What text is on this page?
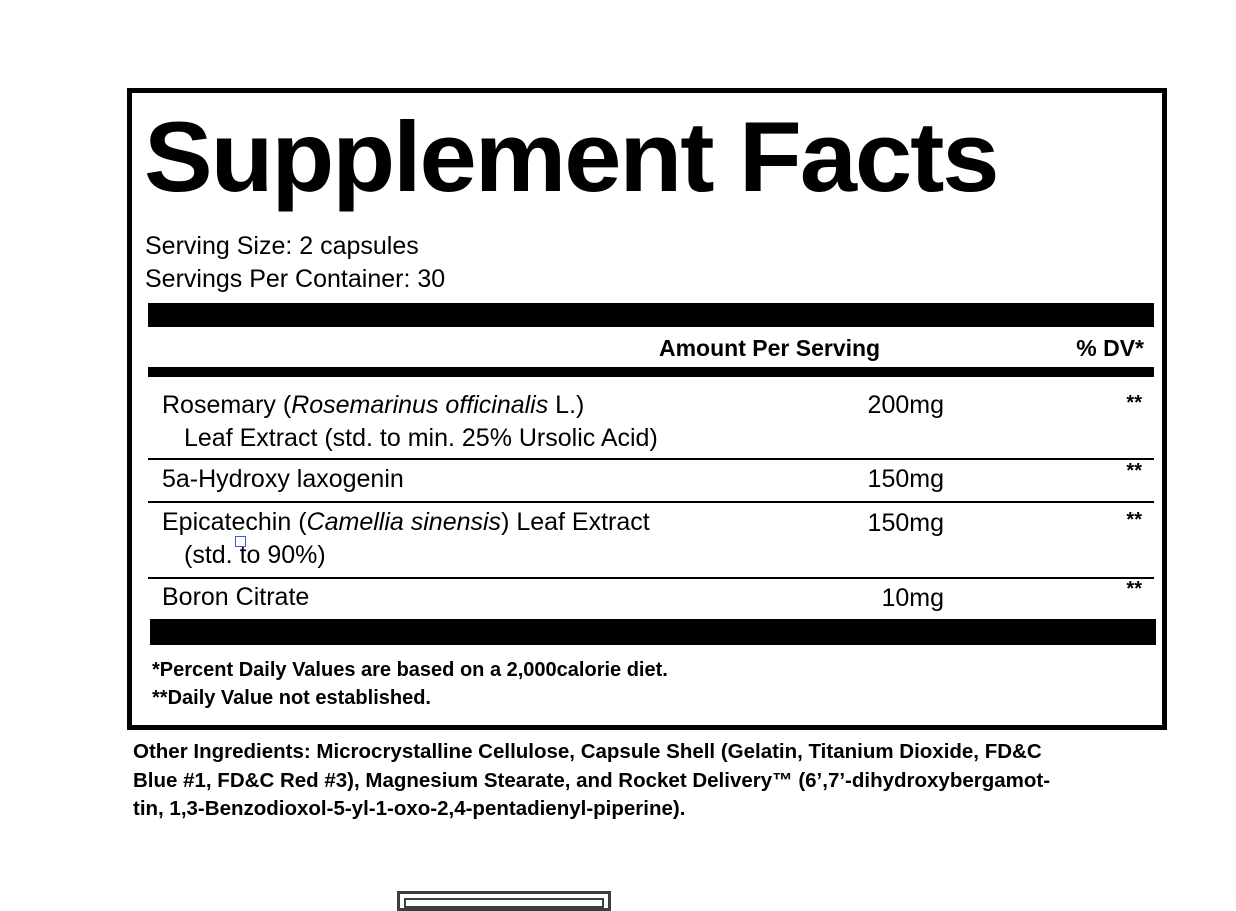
Supplement Facts
Serving Size: 2 capsules
Servings Per Container: 30
Amount Per Serving	% DV*
Rosemary (Rosemarinus officinalis L.)
Leaf Extract (std. to min. 25% Ursolic Acid)
200mg	**
5a-Hydroxy laxogenin	150mg	**
Epicatechin (Camellia sinensis) Leaf Extract
(std. to 90%)
150mg	**
Boron Citrate	10mg	**
*Percent Daily Values are based on a 2,000calorie diet.
**Daily Value not established.
Other Ingredients: Microcrystalline Cellulose, Capsule Shell (Gelatin, Titanium Dioxide, FD&C
Blue #1, FD&C Red #3), Magnesium Stearate, and Rocket Delivery™ (6’,7’-dihydroxybergamot-
tin, 1,3-Benzodioxol-5-yl-1-oxo-2,4-pentadienyl-piperine).
